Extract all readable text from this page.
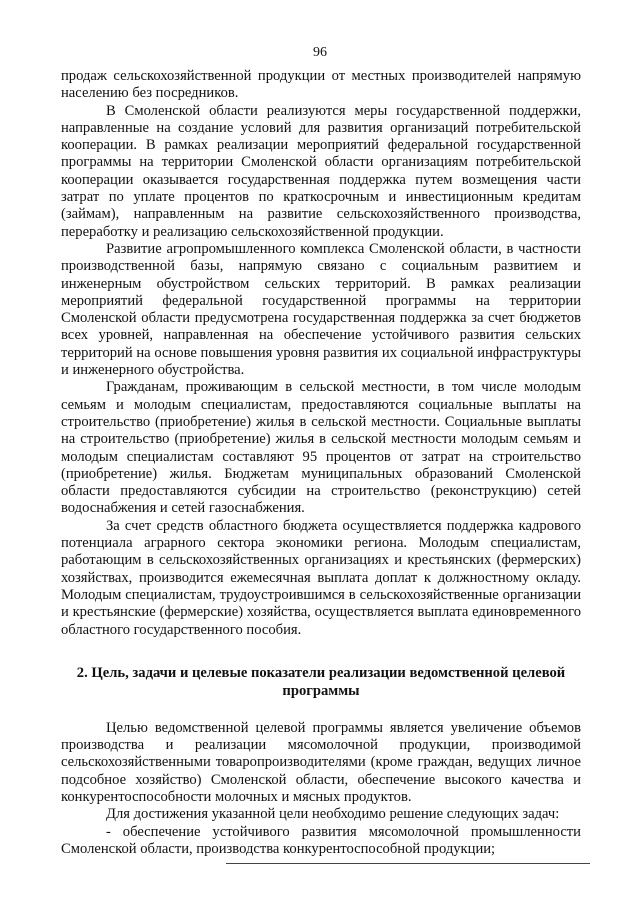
96

продаж сельскохозяйственной продукции от местных производителей напрямую населению без посредников.

В Смоленской области реализуются меры государственной поддержки, направленные на создание условий для развития организаций потребительской кооперации. В рамках реализации мероприятий федеральной государственной программы на территории Смоленской области организациям потребительской кооперации оказывается государственная поддержка путем возмещения части затрат по уплате процентов по краткосрочным и инвестиционным кредитам (займам), направленным на развитие сельскохозяйственного производства, переработку и реализацию сельскохозяйственной продукции.

Развитие агропромышленного комплекса Смоленской области, в частности производственной базы, напрямую связано с социальным развитием и инженерным обустройством сельских территорий. В рамках реализации мероприятий федеральной государственной программы на территории Смоленской области предусмотрена государственная поддержка за счет бюджетов всех уровней, направленная на обеспечение устойчивого развития сельских территорий на основе повышения уровня развития их социальной инфраструктуры и инженерного обустройства.

Гражданам, проживающим в сельской местности, в том числе молодым семьям и молодым специалистам, предоставляются социальные выплаты на строительство (приобретение) жилья в сельской местности. Социальные выплаты на строительство (приобретение) жилья в сельской местности молодым семьям и молодым специалистам составляют 95 процентов от затрат на строительство (приобретение) жилья. Бюджетам муниципальных образований Смоленской области предоставляются субсидии на строительство (реконструкцию) сетей водоснабжения и сетей газоснабжения.

За счет средств областного бюджета осуществляется поддержка кадрового потенциала аграрного сектора экономики региона. Молодым специалистам, работающим в сельскохозяйственных организациях и крестьянских (фермерских) хозяйствах, производится ежемесячная выплата доплат к должностному окладу. Молодым специалистам, трудоустроившимся в сельскохозяйственные организации и крестьянские (фермерские) хозяйства, осуществляется выплата единовременного областного государственного пособия.

2. Цель, задачи и целевые показатели реализации ведомственной целевой программы

Целью ведомственной целевой программы является увеличение объемов производства и реализации мясомолочной продукции, производимой сельскохозяйственными товаропроизводителями (кроме граждан, ведущих личное подсобное хозяйство) Смоленской области, обеспечение высокого качества и конкурентоспособности молочных и мясных продуктов.

Для достижения указанной цели необходимо решение следующих задач:

- обеспечение устойчивого развития мясомолочной промышленности Смоленской области, производства конкурентоспособной продукции;
